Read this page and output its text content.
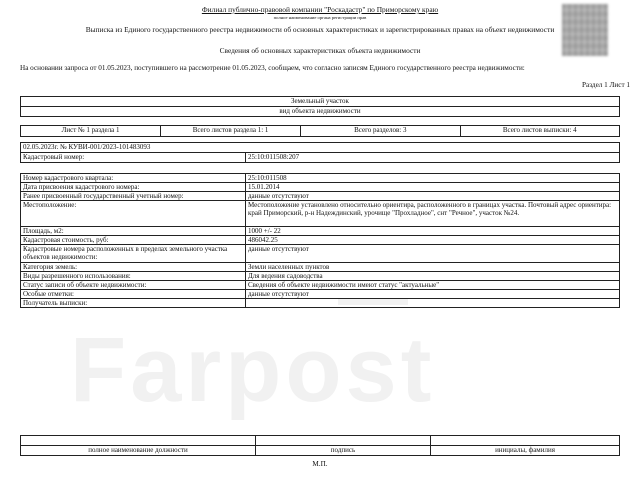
Филиал публично-правовой компании "Роскадастр" по Приморскому краю
полное наименование органа регистрации прав
Выписка из Единого государственного реестра недвижимости об основных характеристиках и зарегистрированных правах на объект недвижимости
Сведения об основных характеристиках объекта недвижимости
На основании запроса от 01.05.2023, поступившего на рассмотрение 01.05.2023, сообщаем, что согласно записям Единого государственного реестра недвижимости:
Раздел 1 Лист 1
Земельный участок
вид объекта недвижимости
Лист № 1 раздела 1	Всего листов раздела 1: 1	Всего разделов: 3	Всего листов выписки: 4
02.05.2023г. № КУВИ-001/2023-101483093
Кадастровый номер:	25:10:011508:207
Farpost
Номер кадастрового квартала:	25:10:011508
Дата присвоения кадастрового номера:	15.01.2014
Ранее присвоенный государственный учетный номер:	данные отсутствуют
Местоположение:	Местоположение установлено относительно ориентира, расположенного в границах участка. Почтовый адрес ориентира: край Приморский, р-н Надеждинский, урочище "Прохладное", снт "Речное", участок №24.
Площадь, м2:	1000 +/- 22
Кадастровая стоимость, руб:	486042.25
Кадастровые номера расположенных в пределах земельного участка объектов недвижимости:	данные отсутствуют
Категория земель:	Земли населенных пунктов
Виды разрешенного использования:	Для ведения садоводства
Статус записи об объекте недвижимости:	Сведения об объекте недвижимости имеют статус "актуальные"
Особые отметки:	данные отсутствуют
Получатель выписки:	

полное наименование должности	подпись	инициалы, фамилия
М.П.
